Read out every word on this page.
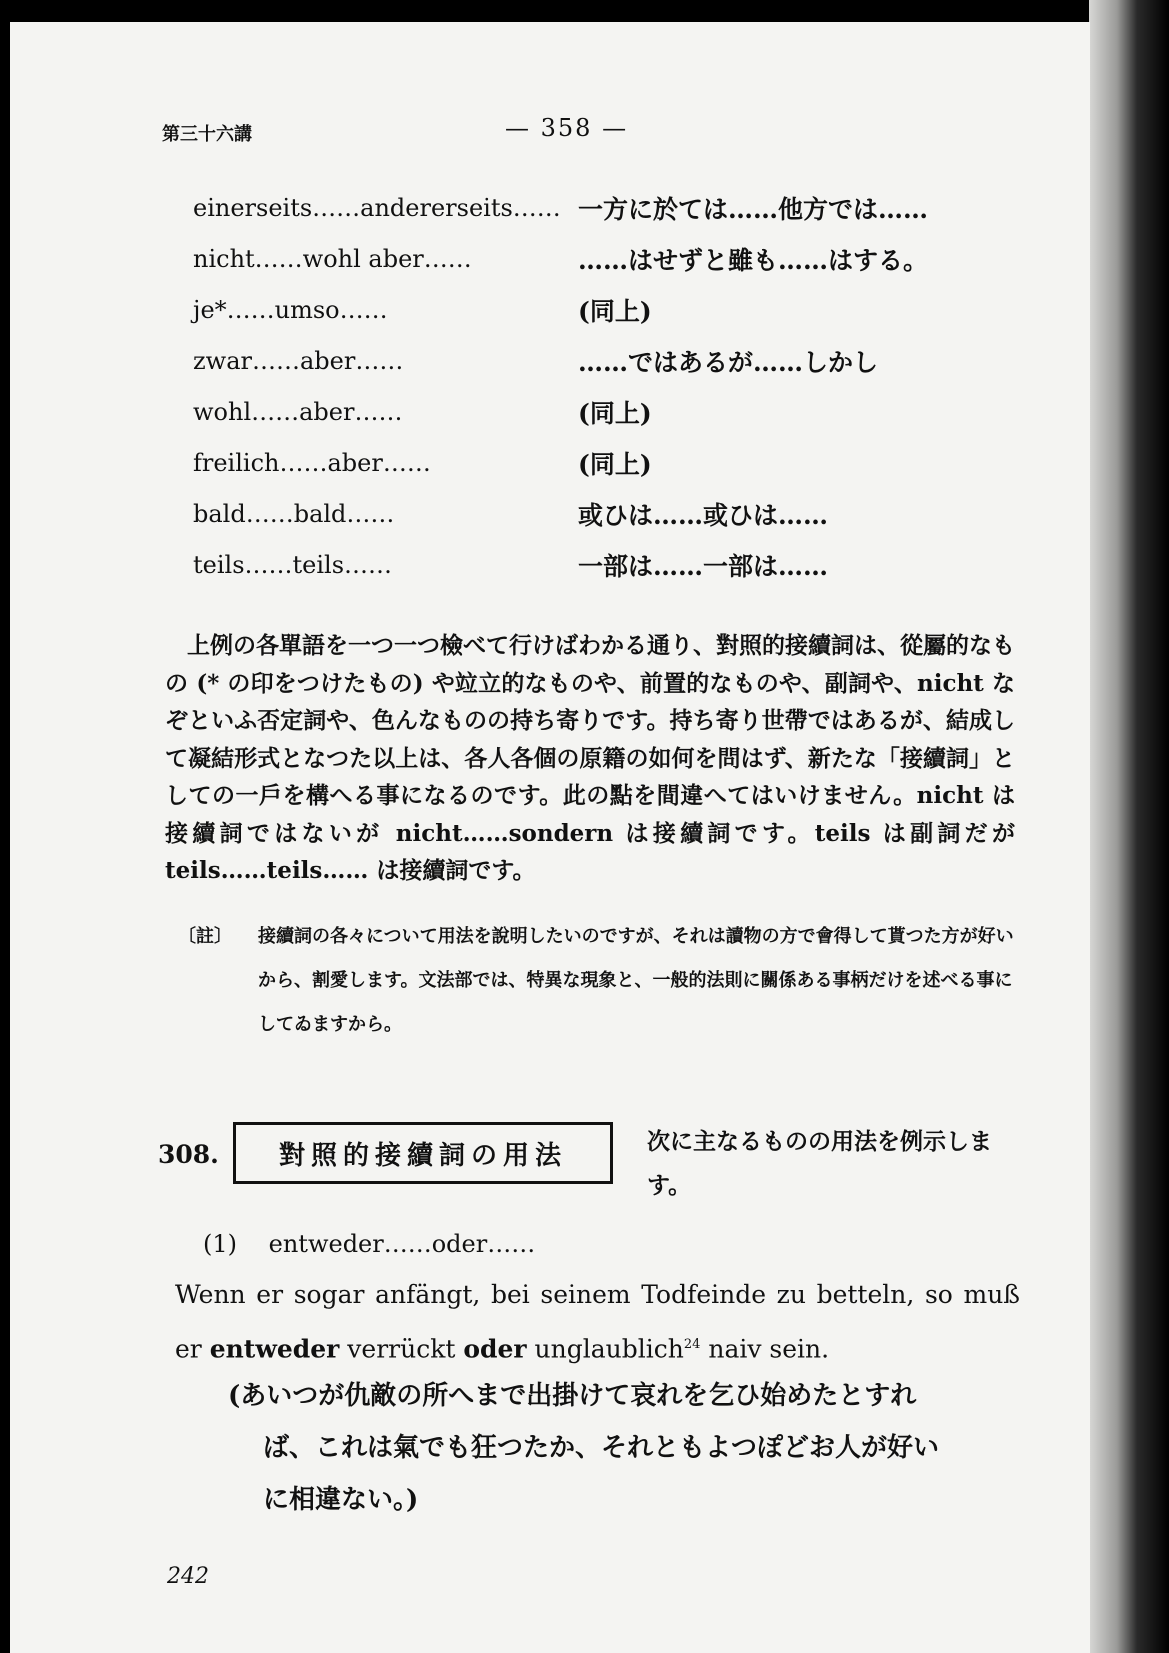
第三十六講	— 358 —
einerseits……andererseits…… 一方に於ては……他方では……
nicht……wohl aber……	……はせずと雖も……はする。
je*……umso……	(同上)
zwar……aber……	……ではあるが……しかし
wohl……aber……	(同上)
freilich……aber……	(同上)
bald……bald……	或ひは……或ひは……
teils……teils……	一部は……一部は……

上例の各單語を一つ一つ檢べて行けばわかる通り、對照的接續詞は、從屬的なもの (* の印をつけたもの) や竝立的なものや、前置的なものや、副詞や、nicht なぞといふ否定詞や、色んなものの持ち寄りです。持ち寄り世帶ではあるが、結成して凝結形式となつた以上は、各人各個の原籍の如何を問はず、新たな「接續詞」としての一戶を構へる事になるのです。此の點を間違へてはいけません。nicht は接續詞ではないが nicht……sondern は接續詞です。teils は副詞だが teils……teils…… は接續詞です。

〔註〕 接續詞の各々について用法を說明したいのですが、それは讀物の方で會得して貰つた方が好いから、割愛します。文法部では、特異な現象と、一般的法則に關係ある事柄だけを述べる事にしてゐますから。
308. 對照的接續詞の用法	次に主なるものの用法を例示します。
(1) entweder……oder……
Wenn er sogar anfängt, bei seinem Todfeinde zu betteln, so muß er entweder verrückt oder unglaublich$^{24}$ naiv sein.
(あいつが仇敵の所へまで出掛けて哀れを乞ひ始めたとすれ
ば、これは氣でも狂つたか、それともよつぽどお人が好い
に相違ない。)
242
